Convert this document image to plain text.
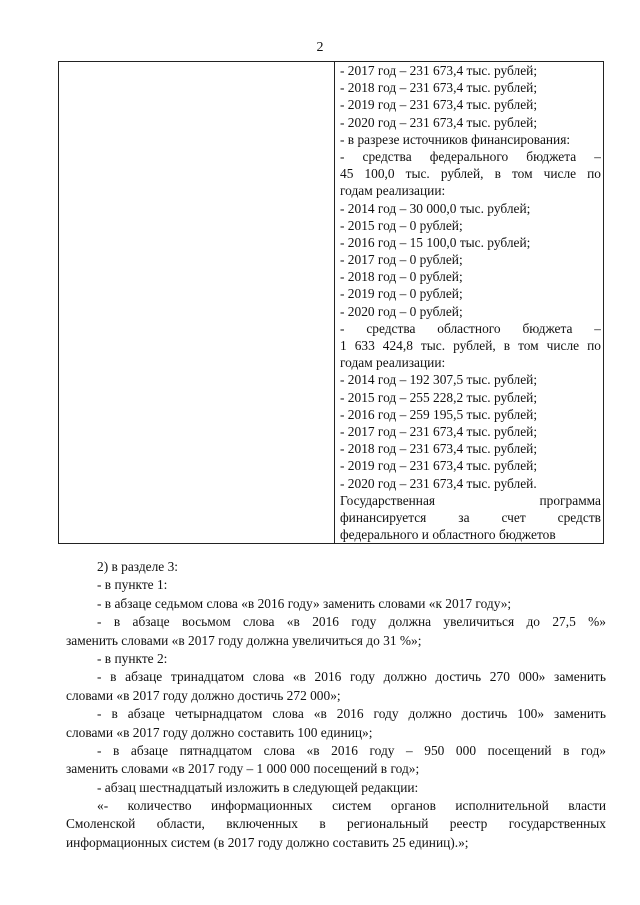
2

- 2017 год – 231 673,4 тыс. рублей;
- 2018 год – 231 673,4 тыс. рублей;
- 2019 год – 231 673,4 тыс. рублей;
- 2020 год – 231 673,4 тыс. рублей;
- в разрезе источников финансирования:
- средства федерального бюджета –
45 100,0 тыс. рублей, в том числе по
годам реализации:
- 2014 год – 30 000,0 тыс. рублей;
- 2015 год – 0 рублей;
- 2016 год – 15 100,0 тыс. рублей;
- 2017 год – 0 рублей;
- 2018 год – 0 рублей;
- 2019 год – 0 рублей;
- 2020 год – 0 рублей;
- средства областного бюджета –
1 633 424,8 тыс. рублей, в том числе по
годам реализации:
- 2014 год – 192 307,5 тыс. рублей;
- 2015 год – 255 228,2 тыс. рублей;
- 2016 год – 259 195,5 тыс. рублей;
- 2017 год – 231 673,4 тыс. рублей;
- 2018 год – 231 673,4 тыс. рублей;
- 2019 год – 231 673,4 тыс. рублей;
- 2020 год – 231 673,4 тыс. рублей.
Государственная программа
финансируется за счет средств
федерального и областного бюджетов
2) в разделе 3:
- в пункте 1:
- в абзаце седьмом слова «в 2016 году» заменить словами «к 2017 году»;
- в абзаце восьмом слова «в 2016 году должна увеличиться до 27,5 %»
заменить словами «в 2017 году должна увеличиться до 31 %»;
- в пункте 2:
- в абзаце тринадцатом слова «в 2016 году должно достичь 270 000» заменить
словами «в 2017 году должно достичь 272 000»;
- в абзаце четырнадцатом слова «в 2016 году должно достичь 100» заменить
словами «в 2017 году должно составить 100 единиц»;
- в абзаце пятнадцатом слова «в 2016 году – 950 000 посещений в год»
заменить словами «в 2017 году – 1 000 000 посещений в год»;
- абзац шестнадцатый изложить в следующей редакции:
«- количество информационных систем органов исполнительной власти
Смоленской области, включенных в региональный реестр государственных
информационных систем (в 2017 году должно составить 25 единиц).»;
